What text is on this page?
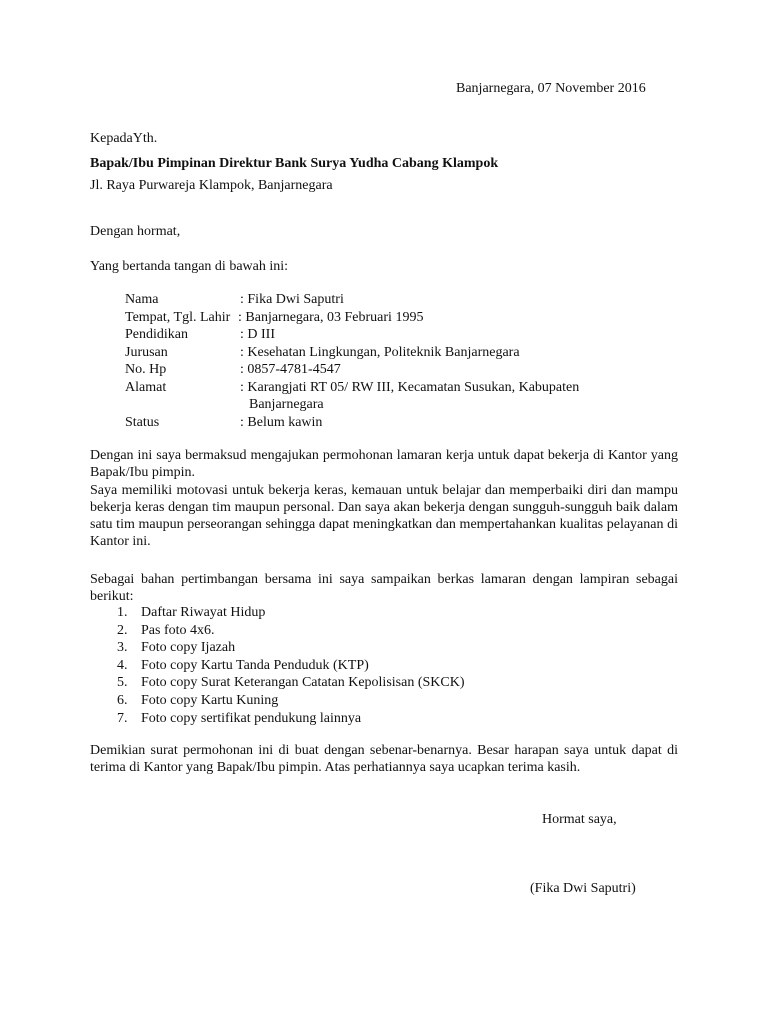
Banjarnegara, 07 November 2016
KepadaYth.
Bapak/Ibu Pimpinan Direktur Bank Surya Yudha Cabang Klampok
Jl. Raya Purwareja Klampok, Banjarnegara
Dengan hormat,
Yang bertanda tangan di bawah ini:
Nama	: Fika Dwi Saputri
Tempat, Tgl. Lahir : Banjarnegara, 03 Februari 1995
Pendidikan	: D III
Jurusan	: Kesehatan Lingkungan, Politeknik Banjarnegara
No. Hp	: 0857-4781-4547
Alamat	: Karangjati RT 05/ RW III, Kecamatan Susukan, Kabupaten
Banjarnegara
Status	: Belum kawin
Dengan ini saya bermaksud mengajukan permohonan lamaran kerja untuk dapat bekerja di Kantor yang Bapak/Ibu pimpin.
Saya memiliki motovasi untuk bekerja keras, kemauan untuk belajar dan memperbaiki diri dan mampu bekerja keras dengan tim maupun personal. Dan saya akan bekerja dengan sungguh-sungguh baik dalam satu tim maupun perseorangan sehingga dapat meningkatkan dan mempertahankan kualitas pelayanan di Kantor ini.
Sebagai bahan pertimbangan bersama ini saya sampaikan berkas lamaran dengan lampiran sebagai berikut:
1. Daftar Riwayat Hidup
2. Pas foto 4x6.
3. Foto copy Ijazah
4. Foto copy Kartu Tanda Penduduk (KTP)
5. Foto copy Surat Keterangan Catatan Kepolisisan (SKCK)
6. Foto copy Kartu Kuning
7. Foto copy sertifikat pendukung lainnya
Demikian surat permohonan ini di buat dengan sebenar-benarnya. Besar harapan saya untuk dapat di terima di Kantor yang Bapak/Ibu pimpin. Atas perhatiannya saya ucapkan terima kasih.
Hormat saya,
(Fika Dwi Saputri)
